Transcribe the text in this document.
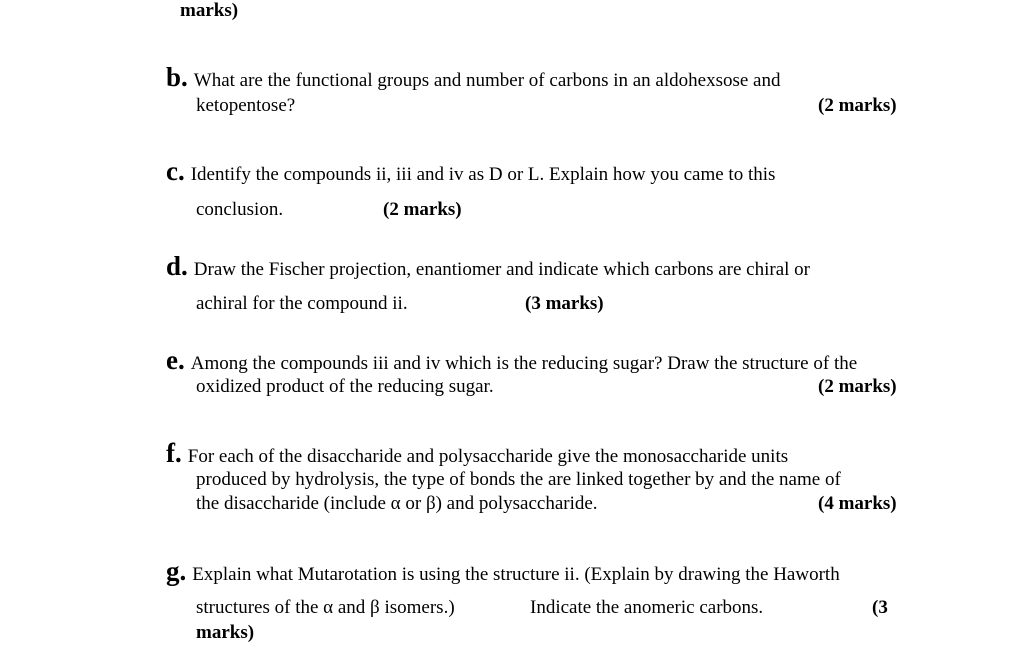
marks)
b. What are the functional groups and number of carbons in an aldohexsose and
ketopentose?	(2 marks)
c. Identify the compounds ii, iii and iv as D or L. Explain how you came to this
conclusion.	(2 marks)
d. Draw the Fischer projection, enantiomer and indicate which carbons are chiral or
achiral for the compound ii.	(3 marks)
e. Among the compounds iii and iv which is the reducing sugar? Draw the structure of the
oxidized product of the reducing sugar.	(2 marks)
f. For each of the disaccharide and polysaccharide give the monosaccharide units
produced by hydrolysis, the type of bonds the are linked together by and the name of
the disaccharide (include α or β) and polysaccharide.	(4 marks)
g. Explain what Mutarotation is using the structure ii. (Explain by drawing the Haworth
structures of the α and β isomers.)	Indicate the anomeric carbons.	(3
marks)
